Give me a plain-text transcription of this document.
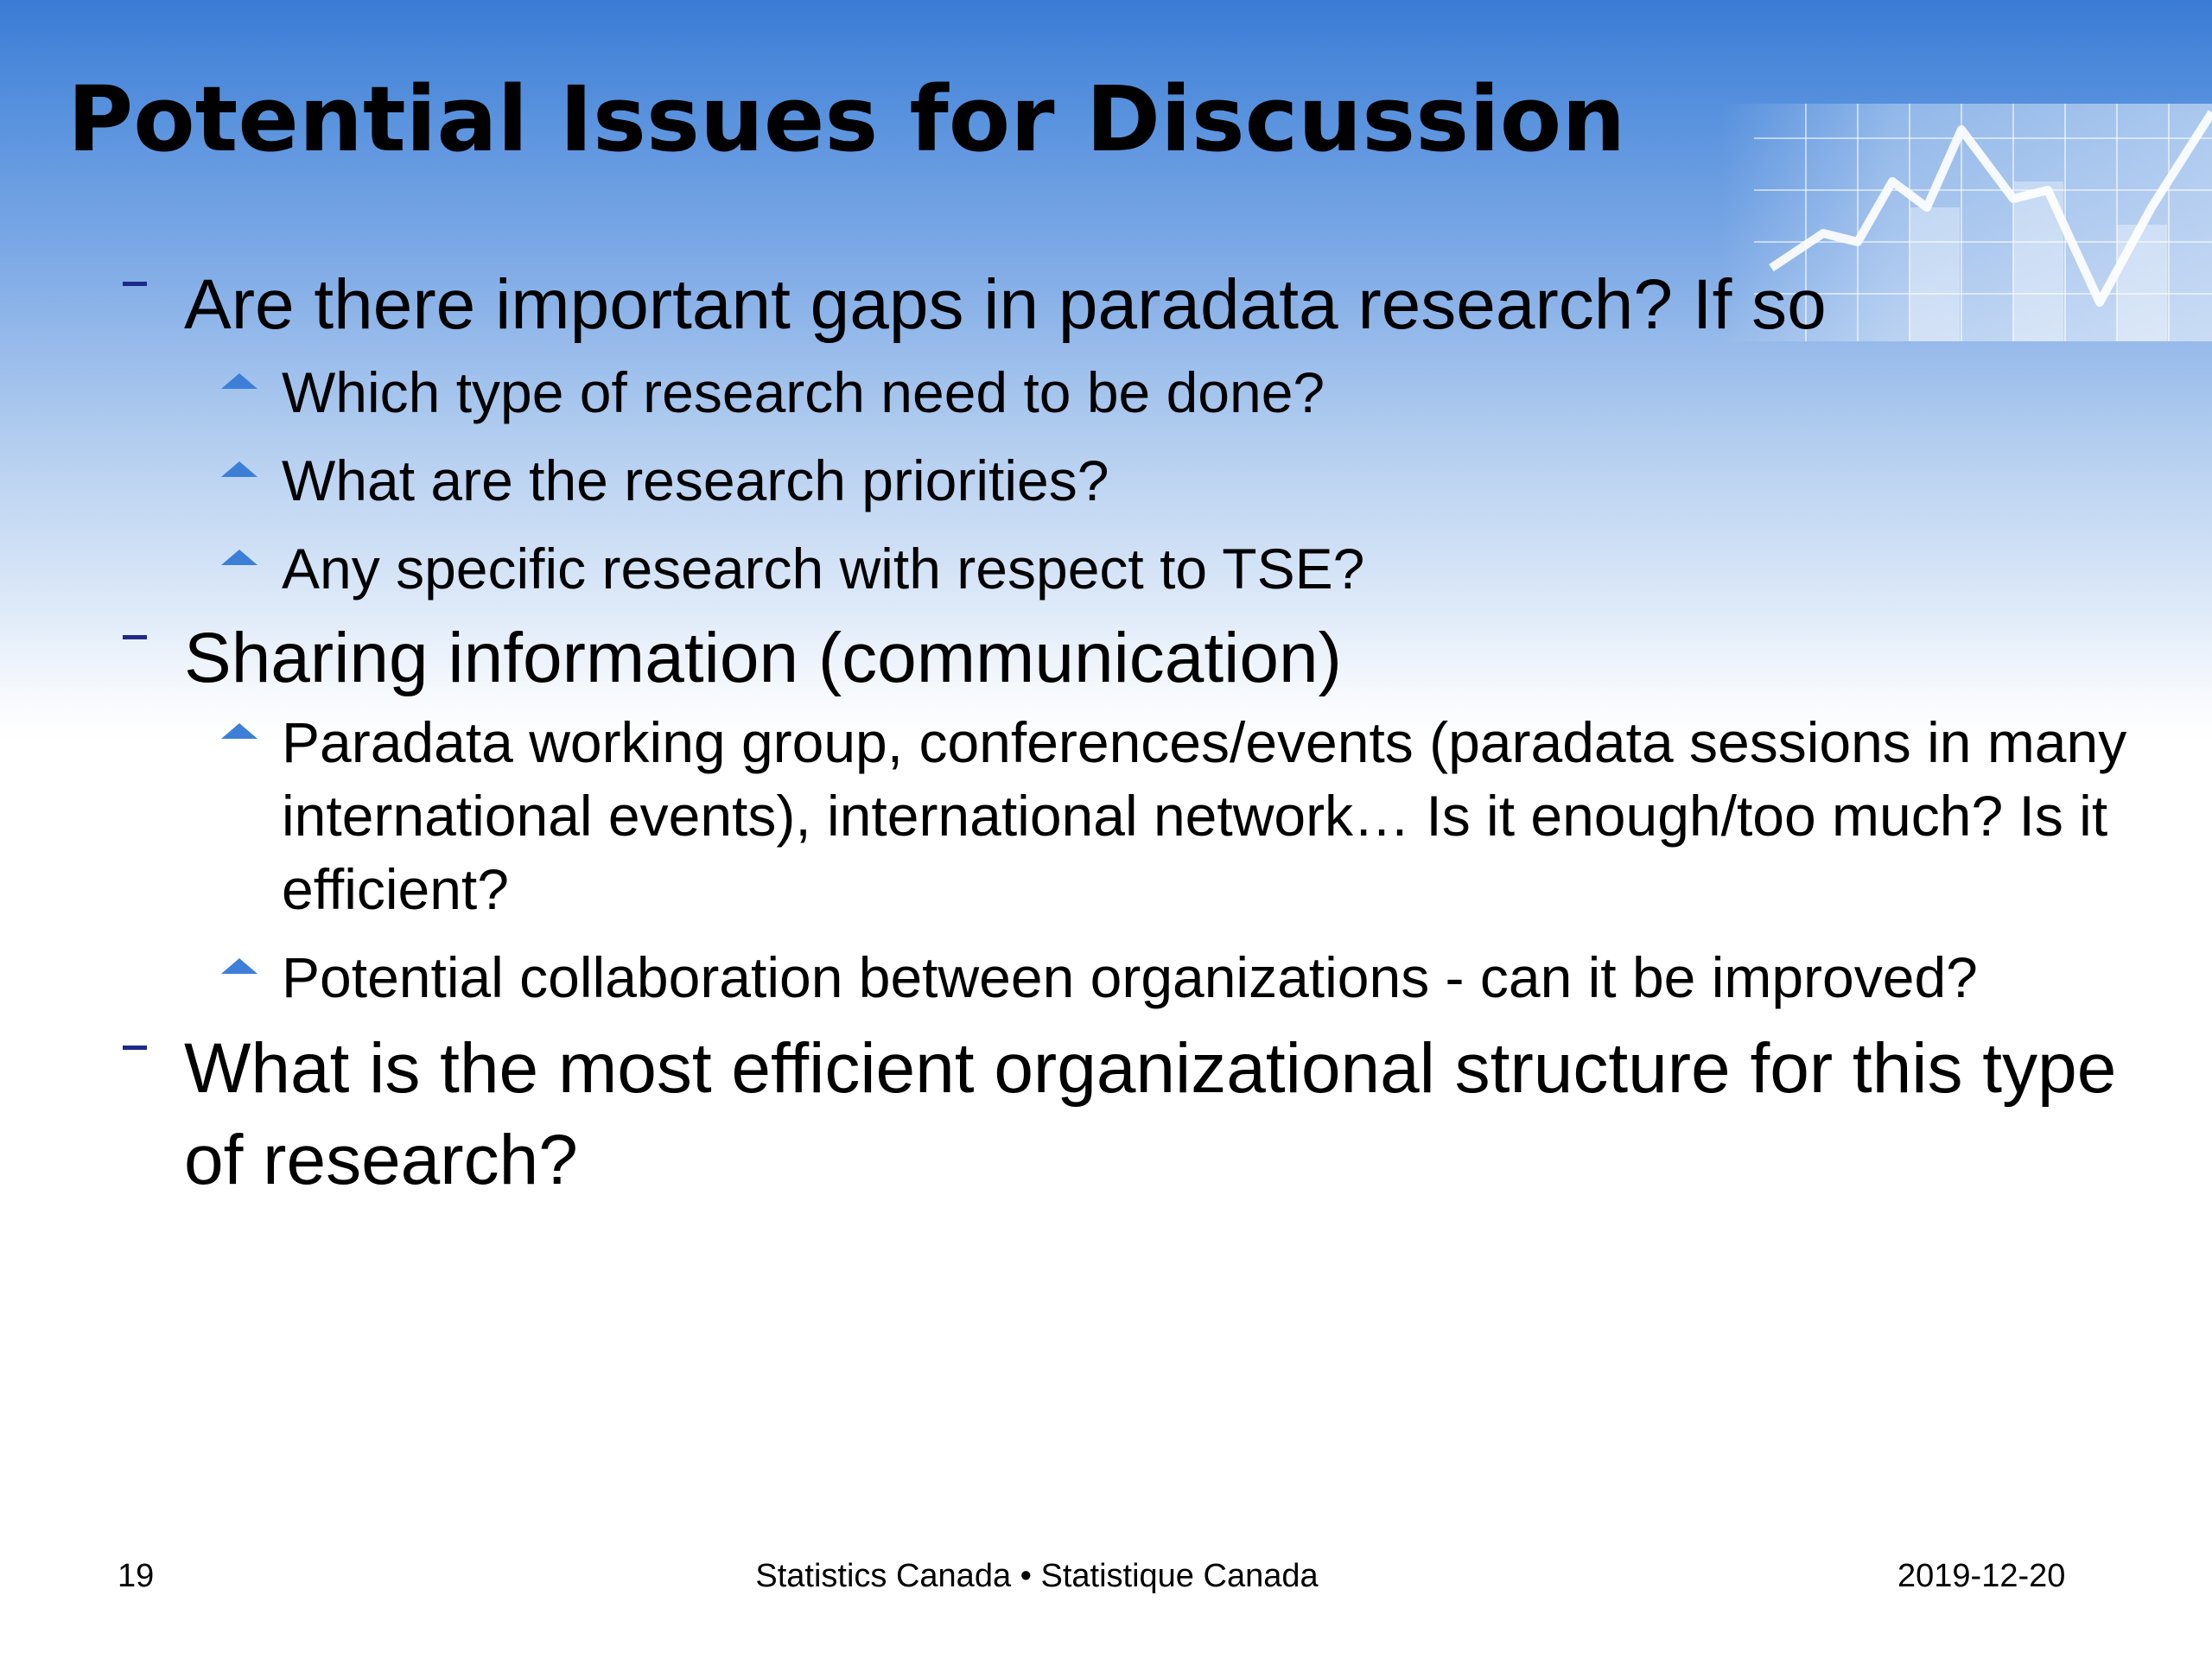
Potential Issues for Discussion
Are there important gaps in paradata research? If so
Which type of research need to be done?
What are the research priorities?
Any specific research with respect to TSE?
Sharing information (communication)
Paradata working group, conferences/events (paradata sessions in many international events), international network… Is it enough/too much? Is it efficient?
Potential collaboration between organizations - can it be improved?
What is the most efficient organizational structure for this type of research?
19	Statistics Canada • Statistique Canada	2019-12-20
